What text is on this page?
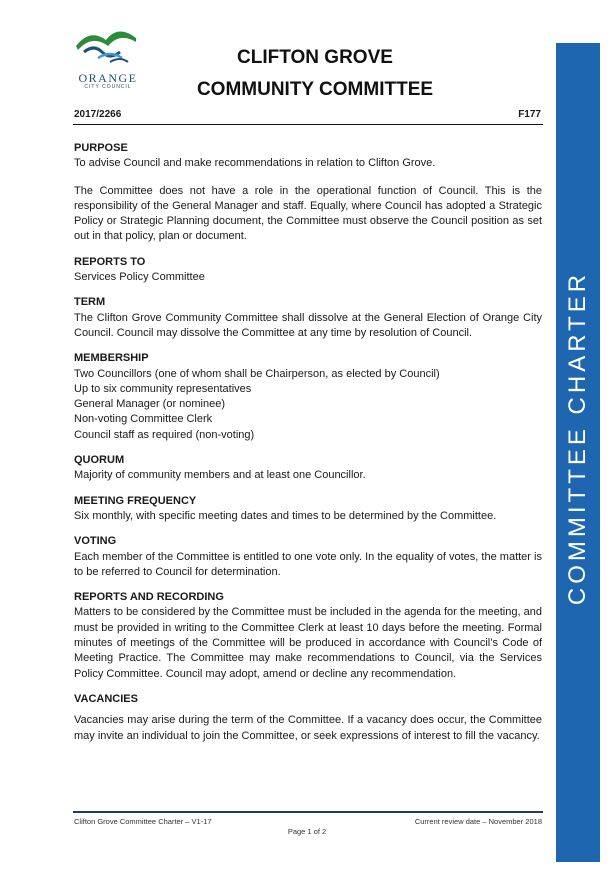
ORANGE
CITY COUNCIL
CLIFTON GROVE
COMMUNITY COMMITTEE
2017/2266	F177
COMMITTEE CHARTER
PURPOSE

To advise Council and make recommendations in relation to Clifton Grove.

The Committee does not have a role in the operational function of Council. This is the responsibility of the General Manager and staff. Equally, where Council has adopted a Strategic Policy or Strategic Planning document, the Committee must observe the Council position as set out in that policy, plan or document.

REPORTS TO

Services Policy Committee

TERM

The Clifton Grove Community Committee shall dissolve at the General Election of Orange City Council. Council may dissolve the Committee at any time by resolution of Council.

MEMBERSHIP

Two Councillors (one of whom shall be Chairperson, as elected by Council)

Up to six community representatives

General Manager (or nominee)

Non-voting Committee Clerk

Council staff as required (non-voting)

QUORUM

Majority of community members and at least one Councillor.

MEETING FREQUENCY

Six monthly, with specific meeting dates and times to be determined by the Committee.

VOTING

Each member of the Committee is entitled to one vote only. In the equality of votes, the matter is to be referred to Council for determination.

REPORTS AND RECORDING

Matters to be considered by the Committee must be included in the agenda for the meeting, and must be provided in writing to the Committee Clerk at least 10 days before the meeting. Formal minutes of meetings of the Committee will be produced in accordance with Council’s Code of Meeting Practice. The Committee may make recommendations to Council, via the Services Policy Committee. Council may adopt, amend or decline any recommendation.

VACANCIES

Vacancies may arise during the term of the Committee. If a vacancy does occur, the Committee may invite an individual to join the Committee, or seek expressions of interest to fill the vacancy.

Clifton Grove Committee Charter – V1-17	Current review date – November 2018
Page 1 of 2
